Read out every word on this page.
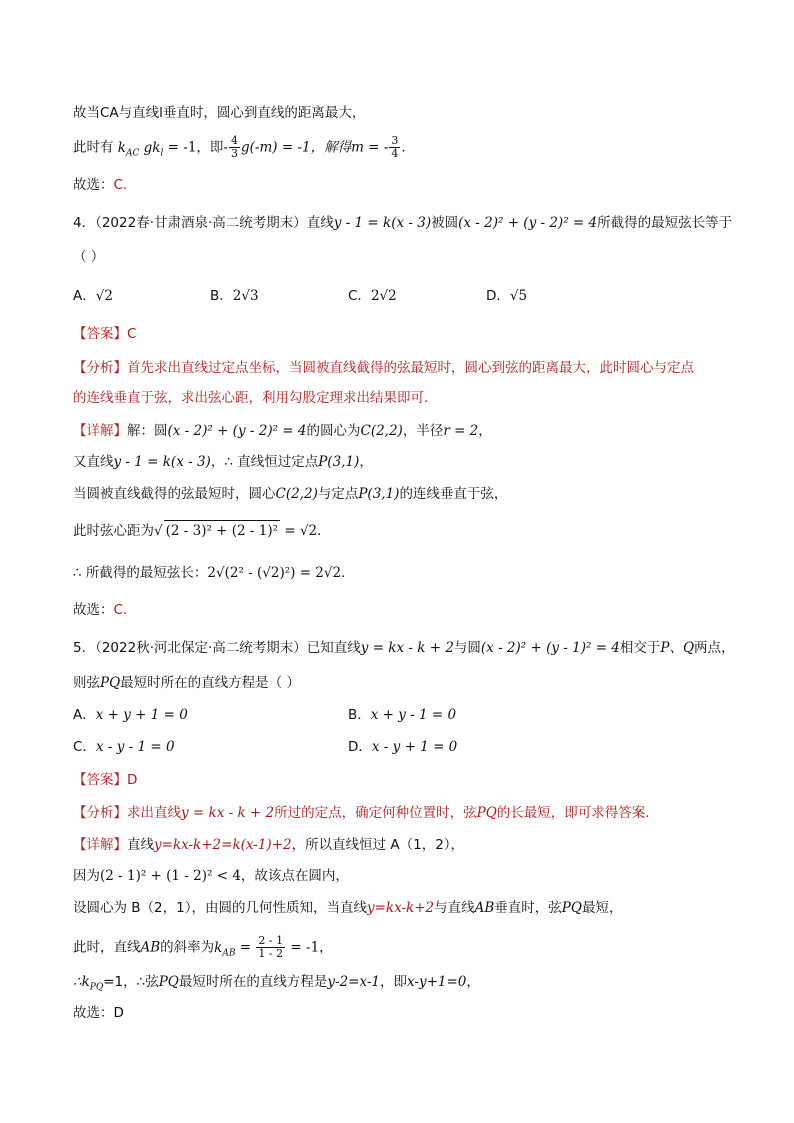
故当CA与直线l垂直时，圆心到直线的距离最大，
此时有 $k_{AC}$ $gk_l = -1$，即- $\frac{4}{3} g(-m) = -1$，解得m = - $\frac{3}{4}$ .
故选：C.
4．（2022春·甘肃酒泉·高二统考期末）直线y - 1 = k(x - 3)被圆(x - 2)² + (y - 2)² = 4所截得的最短弦长等于
（ ）
A．√2	B．2√3	C．2√2	D．√5
【答案】C
【分析】首先求出直线过定点坐标，当圆被直线截得的弦最短时，圆心到弦的距离最大，此时圆心与定点
的连线垂直于弦，求出弦心距，利用勾股定理求出结果即可．
【详解】解：圆(x - 2)² + (y - 2)² = 4的圆心为C(2,2)，半径r = 2，
又直线y - 1 = k(x - 3)，∴ 直线恒过定点P(3,1)，
当圆被直线截得的弦最短时，圆心C(2,2)与定点P(3,1)的连线垂直于弦，
此时弦心距为√ (2 - 3)² + (2 - 1)² = √2．
∴ 所截得的最短弦长：2√(2² - (√2)²) = 2√2．
故选：C．
5．（2022秋·河北保定·高二统考期末）已知直线y = kx - k + 2与圆(x - 2)² + (y - 1)² = 4相交于P、Q两点，
则弦PQ最短时所在的直线方程是（ ）
A．x + y + 1 = 0	B．x + y - 1 = 0
C．x - y - 1 = 0	D．x - y + 1 = 0
【答案】D
【分析】求出直线y = kx - k + 2所过的定点，确定何种位置时，弦PQ的长最短，即可求得答案.
【详解】直线y=kx-k+2=k(x-1)+2，所以直线恒过 A（1，2），
因为(2 - 1)² + (1 - 2)² < 4，故该点在圆内，
设圆心为 B（2，1），由圆的几何性质知，当直线y=kx-k+2与直线AB垂直时，弦PQ最短，
此时，直线AB的斜率为$k_{AB} = \frac{2 - 1}{1 - 2} = -1$，
$\therefore k_{PQ}=1$，∴弦PQ最短时所在的直线方程是y-2=x-1，即x-y+1=0，
故选：D
